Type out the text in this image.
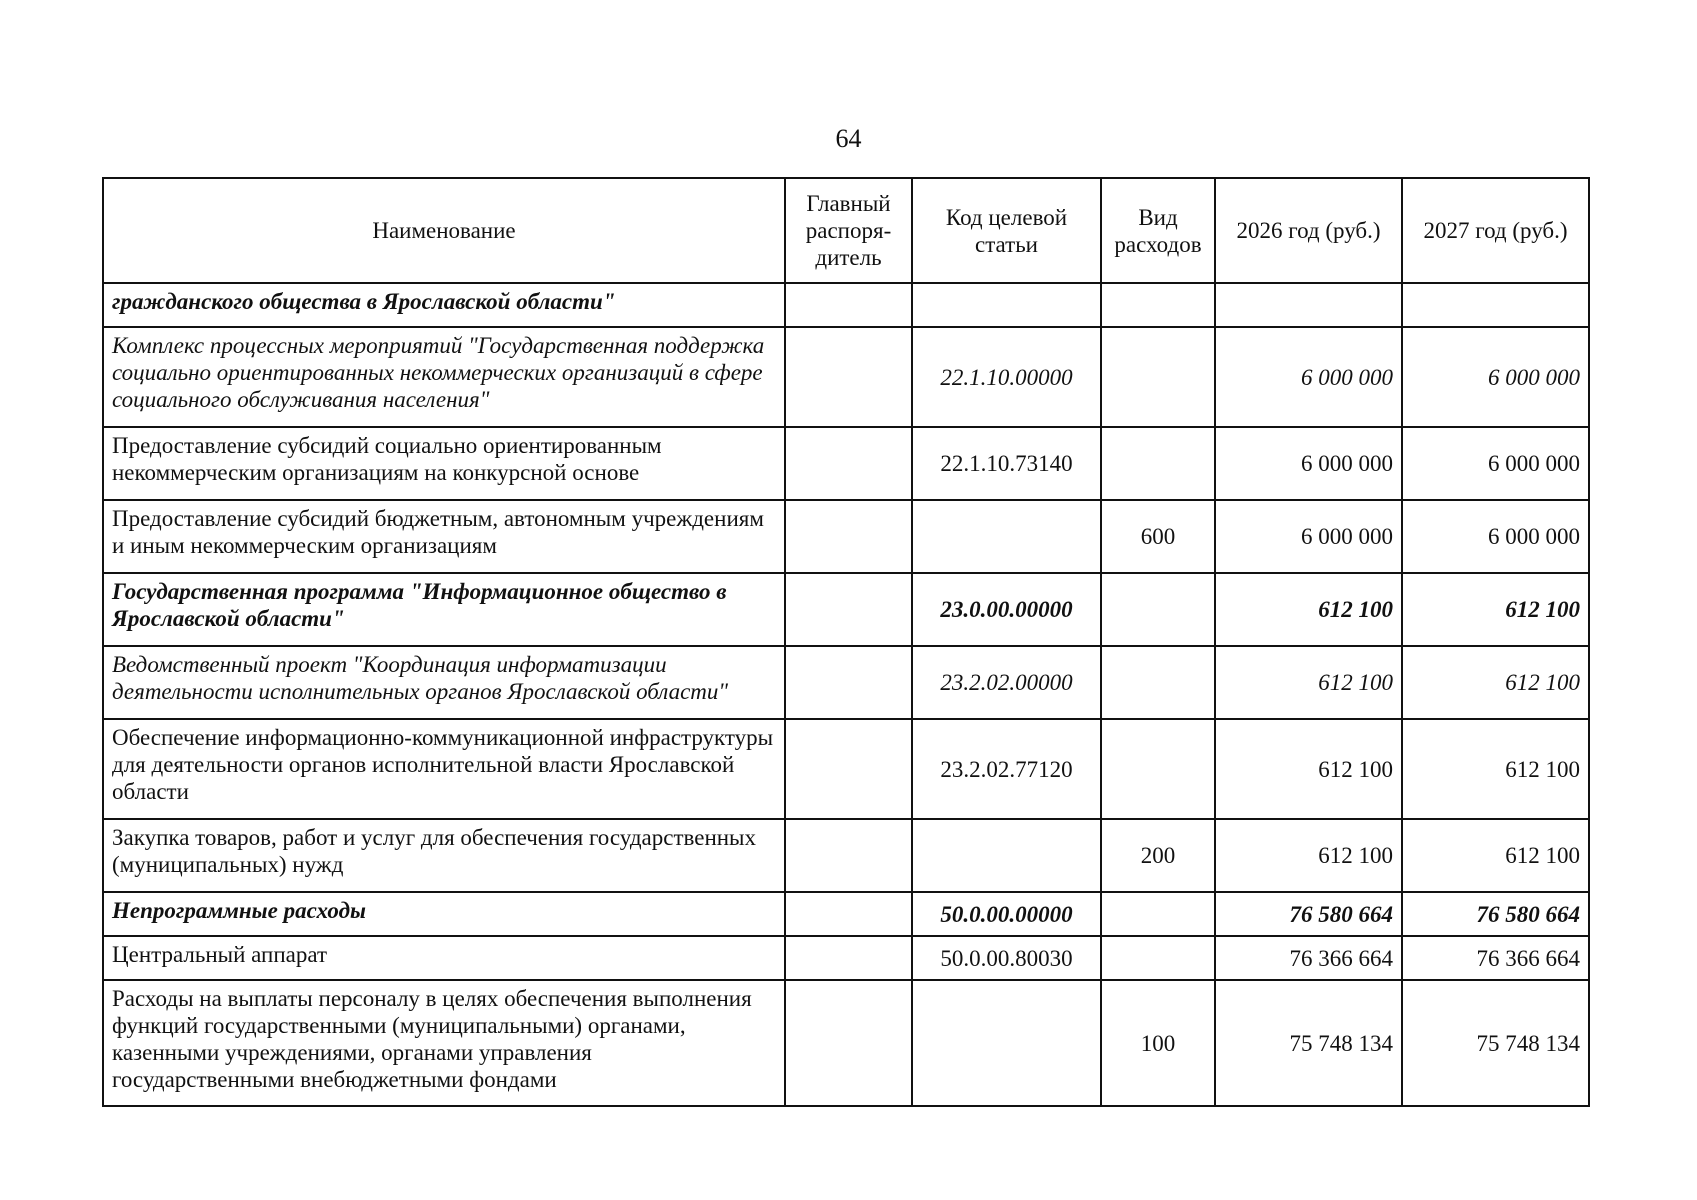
64
Наименование	Главный распоря-дитель	Код целевой статьи	Вид расходов	2026 год (руб.)	2027 год (руб.)
гражданского общества в Ярославской области"					
Комплекс процессных мероприятий "Государственная поддержка социально ориентированных некоммерческих организаций в сфере социального обслуживания населения"		22.1.10.00000		6 000 000	6 000 000
Предоставление субсидий социально ориентированным некоммерческим организациям на конкурсной основе		22.1.10.73140		6 000 000	6 000 000
Предоставление субсидий бюджетным, автономным учреждениям и иным некоммерческим организациям			600	6 000 000	6 000 000
Государственная программа "Информационное общество в Ярославской области"		23.0.00.00000		612 100	612 100
Ведомственный проект "Координация информатизации деятельности исполнительных органов Ярославской области"		23.2.02.00000		612 100	612 100
Обеспечение информационно-коммуникационной инфраструктуры для деятельности органов исполнительной власти Ярославской области		23.2.02.77120		612 100	612 100
Закупка товаров, работ и услуг для обеспечения государственных (муниципальных) нужд			200	612 100	612 100
Непрограммные расходы		50.0.00.00000		76 580 664	76 580 664
Центральный аппарат		50.0.00.80030		76 366 664	76 366 664
Расходы на выплаты персоналу в целях обеспечения выполнения функций государственными (муниципальными) органами, казенными учреждениями, органами управления государственными внебюджетными фондами			100	75 748 134	75 748 134
